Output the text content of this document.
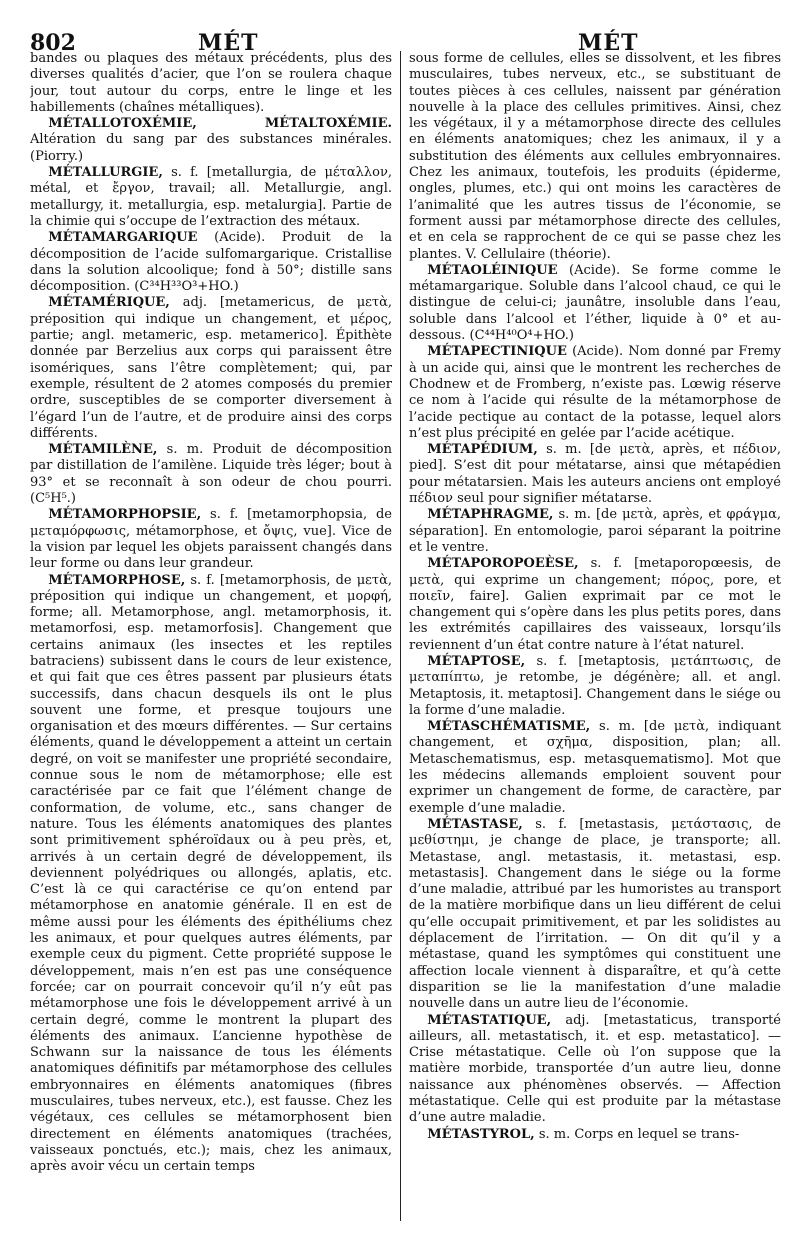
802	MÉT	MÉT

bandes ou plaques des métaux précédents, plus des diverses qualités d’acier, que l’on se roulera chaque jour, tout autour du corps, entre le linge et les habillements (chaînes métalliques).

MÉTALLOTOXÉMIE, MÉTALTOXÉMIE. Altération du sang par des substances minérales. (Piorry.)

MÉTALLURGIE, s. f. [metallurgia, de μέταλλον, métal, et ἔργον, travail; all. Metallurgie, angl. metallurgy, it. metallurgia, esp. metalurgia]. Partie de la chimie qui s’occupe de l’extraction des métaux.

MÉTAMARGARIQUE (Acide). Produit de la décomposition de l’acide sulfomargarique. Cristallise dans la solution alcoolique; fond à 50°; distille sans décomposition. (C³⁴H³³O³+HO.)

MÉTAMÉRIQUE, adj. [metamericus, de μετὰ, préposition qui indique un changement, et μέρος, partie; angl. metameric, esp. metamerico]. Épithète donnée par Berzelius aux corps qui paraissent être isomériques, sans l’être complètement; qui, par exemple, résultent de 2 atomes composés du premier ordre, susceptibles de se comporter diversement à l’égard l’un de l’autre, et de produire ainsi des corps différents.

MÉTAMILÈNE, s. m. Produit de décomposition par distillation de l’amilène. Liquide très léger; bout à 93° et se reconnaît à son odeur de chou pourri. (C⁵H⁵.)

MÉTAMORPHOPSIE, s. f. [metamorphopsia, de μεταμόρφωσις, métamorphose, et ὄψις, vue]. Vice de la vision par lequel les objets paraissent changés dans leur forme ou dans leur grandeur.

MÉTAMORPHOSE, s. f. [metamorphosis, de μετὰ, préposition qui indique un changement, et μορφή, forme; all. Metamorphose, angl. metamorphosis, it. metamorfosi, esp. metamorfosis]. Changement que certains animaux (les insectes et les reptiles batraciens) subissent dans le cours de leur existence, et qui fait que ces êtres passent par plusieurs états successifs, dans chacun desquels ils ont le plus souvent une forme, et presque toujours une organisation et des mœurs différentes. — Sur certains éléments, quand le développement a atteint un certain degré, on voit se manifester une propriété secondaire, connue sous le nom de métamorphose; elle est caractérisée par ce fait que l’élément change de conformation, de volume, etc., sans changer de nature. Tous les éléments anatomiques des plantes sont primitivement sphéroïdaux ou à peu près, et, arrivés à un certain degré de développement, ils deviennent polyédriques ou allongés, aplatis, etc. C’est là ce qui caractérise ce qu’on entend par métamorphose en anatomie générale. Il en est de même aussi pour les éléments des épithéliums chez les animaux, et pour quelques autres éléments, par exemple ceux du pigment. Cette propriété suppose le développement, mais n’en est pas une conséquence forcée; car on pourrait concevoir qu’il n’y eût pas métamorphose une fois le développement arrivé à un certain degré, comme le montrent la plupart des éléments des animaux. L’ancienne hypothèse de Schwann sur la naissance de tous les éléments anatomiques définitifs par métamorphose des cellules embryonnaires en éléments anatomiques (fibres musculaires, tubes nerveux, etc.), est fausse. Chez les végétaux, ces cellules se métamorphosent bien directement en éléments anatomiques (trachées, vaisseaux ponctués, etc.); mais, chez les animaux, après avoir vécu un certain temps

sous forme de cellules, elles se dissolvent, et les fibres musculaires, tubes nerveux, etc., se substituant de toutes pièces à ces cellules, naissent par génération nouvelle à la place des cellules primitives. Ainsi, chez les végétaux, il y a métamorphose directe des cellules en éléments anatomiques; chez les animaux, il y a substitution des éléments aux cellules embryonnaires. Chez les animaux, toutefois, les produits (épiderme, ongles, plumes, etc.) qui ont moins les caractères de l’animalité que les autres tissus de l’économie, se forment aussi par métamorphose directe des cellules, et en cela se rapprochent de ce qui se passe chez les plantes. V. Cellulaire (théorie).

MÉTAOLÉINIQUE (Acide). Se forme comme le métamargarique. Soluble dans l’alcool chaud, ce qui le distingue de celui-ci; jaunâtre, insoluble dans l’eau, soluble dans l’alcool et l’éther, liquide à 0° et au-dessous. (C⁴⁴H⁴⁰O⁴+HO.)

MÉTAPECTINIQUE (Acide). Nom donné par Fremy à un acide qui, ainsi que le montrent les recherches de Chodnew et de Fromberg, n’existe pas. Lœwig réserve ce nom à l’acide qui résulte de la métamorphose de l’acide pectique au contact de la potasse, lequel alors n’est plus précipité en gelée par l’acide acétique.

MÉTAPÉDIUM, s. m. [de μετὰ, après, et πέδιον, pied]. S’est dit pour métatarse, ainsi que métapédien pour métatarsien. Mais les auteurs anciens ont employé πέδιον seul pour signifier métatarse.

MÉTAPHRAGME, s. m. [de μετὰ, après, et φράγμα, séparation]. En entomologie, paroi séparant la poitrine et le ventre.

MÉTAPOROPOEÈSE, s. f. [metaporopœesis, de μετὰ, qui exprime un changement; πόρος, pore, et ποιεῖν, faire]. Galien exprimait par ce mot le changement qui s’opère dans les plus petits pores, dans les extrémités capillaires des vaisseaux, lorsqu’ils reviennent d’un état contre nature à l’état naturel.

MÉTAPTOSE, s. f. [metaptosis, μετάπτωσις, de μεταπίπτω, je retombe, je dégénère; all. et angl. Metaptosis, it. metaptosi]. Changement dans le siége ou la forme d’une maladie.

MÉTASCHÉMATISME, s. m. [de μετὰ, indiquant changement, et σχῆμα, disposition, plan; all. Metaschematismus, esp. metasquematismo]. Mot que les médecins allemands emploient souvent pour exprimer un changement de forme, de caractère, par exemple d’une maladie.

MÉTASTASE, s. f. [metastasis, μετάστασις, de μεθίστημι, je change de place, je transporte; all. Metastase, angl. metastasis, it. metastasi, esp. metastasis]. Changement dans le siége ou la forme d’une maladie, attribué par les humoristes au transport de la matière morbifique dans un lieu différent de celui qu’elle occupait primitivement, et par les solidistes au déplacement de l’irritation. — On dit qu’il y a métastase, quand les symptômes qui constituent une affection locale viennent à disparaître, et qu’à cette disparition se lie la manifestation d’une maladie nouvelle dans un autre lieu de l’économie.

MÉTASTATIQUE, adj. [metastaticus, transporté ailleurs, all. metastatisch, it. et esp. metastatico]. — Crise métastatique. Celle où l’on suppose que la matière morbide, transportée d’un autre lieu, donne naissance aux phénomènes observés. — Affection métastatique. Celle qui est produite par la métastase d’une autre maladie.

MÉTASTYROL, s. m. Corps en lequel se trans-
